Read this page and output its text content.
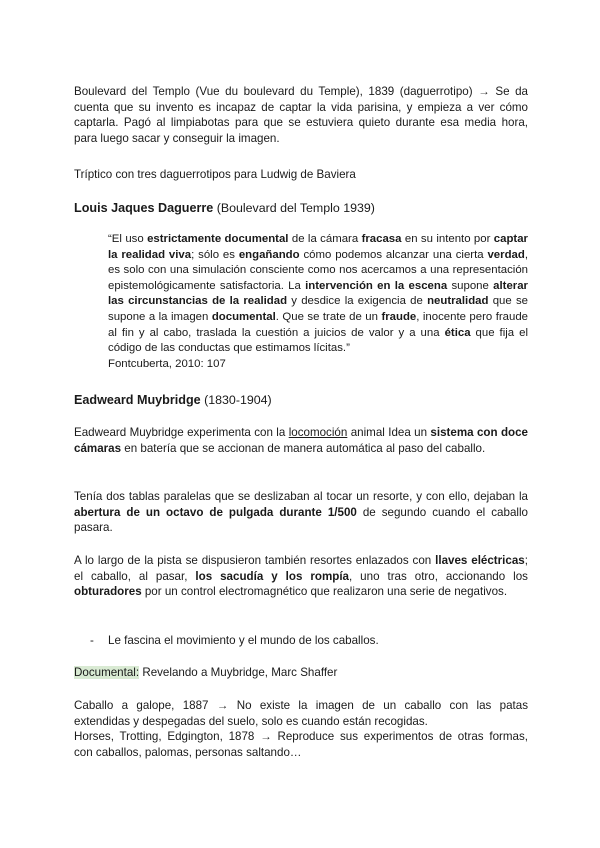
Boulevard del Templo (Vue du boulevard du Temple), 1839 (daguerrotipo) → Se da
cuenta que su invento es incapaz de captar la vida parisina, y empieza a ver cómo
captarla. Pagó al limpiabotas para que se estuviera quieto durante esa media hora,
para luego sacar y conseguir la imagen.

Tríptico con tres daguerrotipos para Ludwig de Baviera

Louis Jaques Daguerre (Boulevard del Templo 1939)

“El uso estrictamente documental de la cámara fracasa en su intento por captar la realidad viva; sólo es engañando cómo podemos alcanzar una cierta verdad, es solo con una simulación consciente como nos acercamos a una representación epistemológicamente satisfactoria. La intervención en la escena supone alterar las circunstancias de la realidad y desdice la exigencia de neutralidad que se supone a la imagen documental. Que se trate de un fraude, inocente pero fraude al fin y al cabo, traslada la cuestión a juicios de valor y a una ética que fija el código de las conductas que estimamos lícitas.”
Fontcuberta, 2010: 107

Eadweard Muybridge (1830-1904)

Eadweard Muybridge experimenta con la locomoción animal Idea un sistema con doce cámaras en batería que se accionan de manera automática al paso del caballo.

Tenía dos tablas paralelas que se deslizaban al tocar un resorte, y con ello, dejaban la abertura de un octavo de pulgada durante 1/500 de segundo cuando el caballo pasara.

A lo largo de la pista se dispusieron también resortes enlazados con llaves eléctricas; el caballo, al pasar, los sacudía y los rompía, uno tras otro, accionando los obturadores por un control electromagnético que realizaron una serie de negativos.

- Le fascina el movimiento y el mundo de los caballos.

Documental: Revelando a Muybridge, Marc Shaffer

Caballo a galope, 1887 → No existe la imagen de un caballo con las patas
extendidas y despegadas del suelo, solo es cuando están recogidas.
Horses, Trotting, Edgington, 1878 → Reproduce sus experimentos de otras formas,
con caballos, palomas, personas saltando…
